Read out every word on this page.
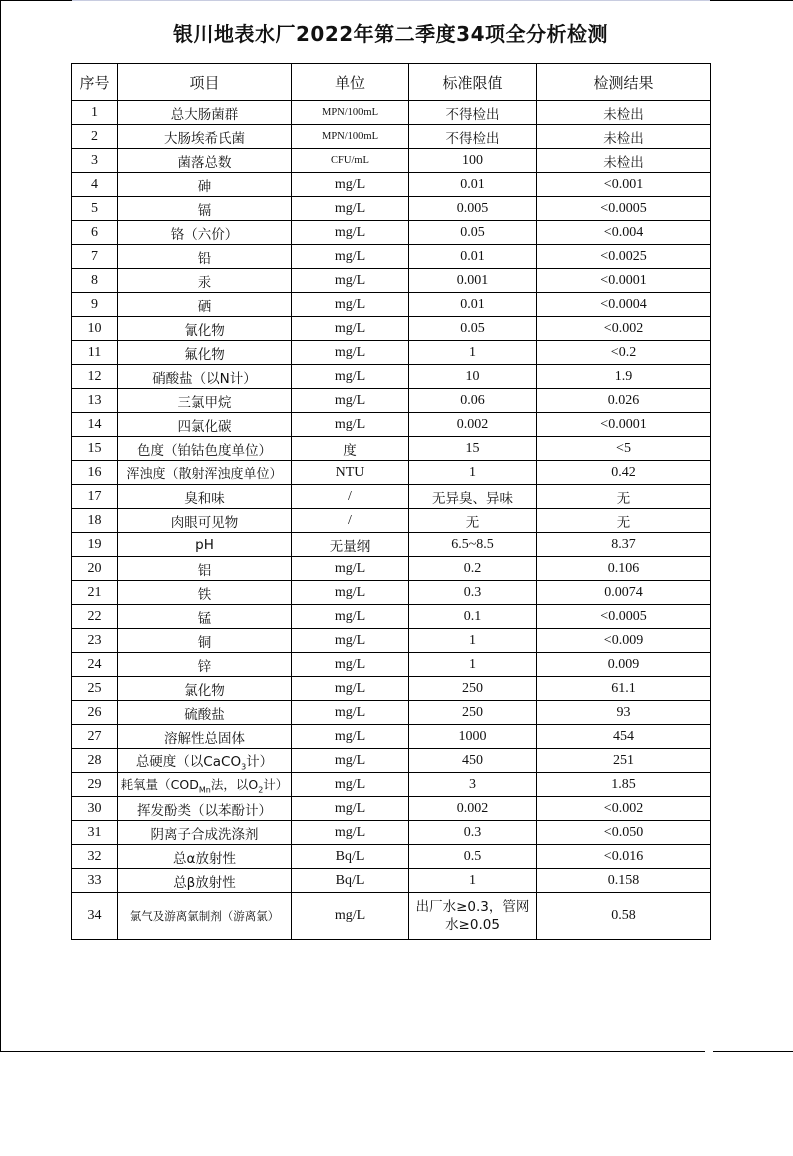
银川地表水厂2022年第二季度34项全分析检测
序号	项目	单位	标准限值	检测结果
1	总大肠菌群	MPN/100mL	不得检出	未检出
2	大肠埃希氏菌	MPN/100mL	不得检出	未检出
3	菌落总数	CFU/mL	100	未检出
4	砷	mg/L	0.01	<0.001
5	镉	mg/L	0.005	<0.0005
6	铬（六价）	mg/L	0.05	<0.004
7	铅	mg/L	0.01	<0.0025
8	汞	mg/L	0.001	<0.0001
9	硒	mg/L	0.01	<0.0004
10	氰化物	mg/L	0.05	<0.002
11	氟化物	mg/L	1	<0.2
12	硝酸盐（以N计）	mg/L	10	1.9
13	三氯甲烷	mg/L	0.06	0.026
14	四氯化碳	mg/L	0.002	<0.0001
15	色度（铂钴色度单位）	度	15	<5
16	浑浊度（散射浑浊度单位）	NTU	1	0.42
17	臭和味	/	无异臭、异味	无
18	肉眼可见物	/	无	无
19	pH	无量纲	6.5~8.5	8.37
20	铝	mg/L	0.2	0.106
21	铁	mg/L	0.3	0.0074
22	锰	mg/L	0.1	<0.0005
23	铜	mg/L	1	<0.009
24	锌	mg/L	1	0.009
25	氯化物	mg/L	250	61.1
26	硫酸盐	mg/L	250	93
27	溶解性总固体	mg/L	1000	454
28	总硬度（以CaCO$_3$计）	mg/L	450	251
29	耗氧量（$COD_{Mn}$法，以$O_2$计）	mg/L	3	1.85
30	挥发酚类（以苯酚计）	mg/L	0.002	<0.002
31	阴离子合成洗涤剂	mg/L	0.3	<0.050
32	总α放射性	Bq/L	0.5	<0.016
33	总β放射性	Bq/L	1	0.158
34	氯气及游离氯制剂（游离氯）	mg/L	出厂水≥0.3，管网水≥0.05	0.58
